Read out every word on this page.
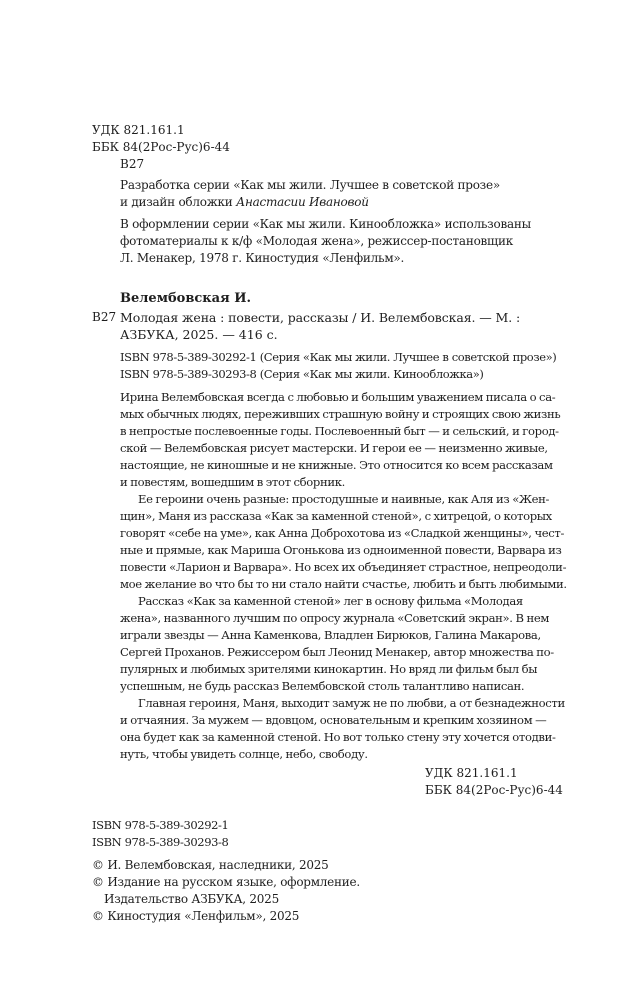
УДК 821.161.1
ББК 84(2Рос-Рус)6-44
В27
Разработка серии «Как мы жили. Лучшее в советской прозе»
и дизайн обложки Анастасии Ивановой
В оформлении серии «Как мы жили. Кинообложка» использованы
фотоматериалы к к/ф «Молодая жена», режиссер-постановщик
Л. Менакер, 1978 г. Киностудия «Ленфильм».
Велембовская И.
В27 Молодая жена : повести, рассказы / И. Велембовская. — М. :
АЗБУКА, 2025. — 416 с.
ISBN 978-5-389-30292-1 (Серия «Как мы жили. Лучшее в советской прозе»)
ISBN 978-5-389-30293-8 (Серия «Как мы жили. Кинообложка»)
Ирина Велембовская всегда с любовью и большим уважением писала о са-
мых обычных людях, переживших страшную войну и строящих свою жизнь
в непростые послевоенные годы. Послевоенный быт — и сельский, и город-
ской — Велембовская рисует мастерски. И герои ее — неизменно живые,
настоящие, не киношные и не книжные. Это относится ко всем рассказам
и повестям, вошедшим в этот сборник.
Ее героини очень разные: простодушные и наивные, как Аля из «Жен-
щин», Маня из рассказа «Как за каменной стеной», с хитрецой, о которых
говорят «себе на уме», как Анна Доброхотова из «Сладкой женщины», чест-
ные и прямые, как Мариша Огонькова из одноименной повести, Варвара из
повести «Ларион и Варвара». Но всех их объединяет страстное, непреодоли-
мое желание во что бы то ни стало найти счастье, любить и быть любимыми.
Рассказ «Как за каменной стеной» лег в основу фильма «Молодая
жена», названного лучшим по опросу журнала «Советский экран». В нем
играли звезды — Анна Каменкова, Владлен Бирюков, Галина Макарова,
Сергей Проханов. Режиссером был Леонид Менакер, автор множества по-
пулярных и любимых зрителями кинокартин. Но вряд ли фильм был бы
успешным, не будь рассказ Велембовской столь талантливо написан.
Главная героиня, Маня, выходит замуж не по любви, а от безнадежности
и отчаяния. За мужем — вдовцом, основательным и крепким хозяином —
она будет как за каменной стеной. Но вот только стену эту хочется отодви-
нуть, чтобы увидеть солнце, небо, свободу.
УДК 821.161.1
ББК 84(2Рос-Рус)6-44
ISBN 978-5-389-30292-1
ISBN 978-5-389-30293-8
© И. Велембовская, наследники, 2025
© Издание на русском языке, оформление.
Издательство АЗБУКА, 2025
© Киностудия «Ленфильм», 2025
